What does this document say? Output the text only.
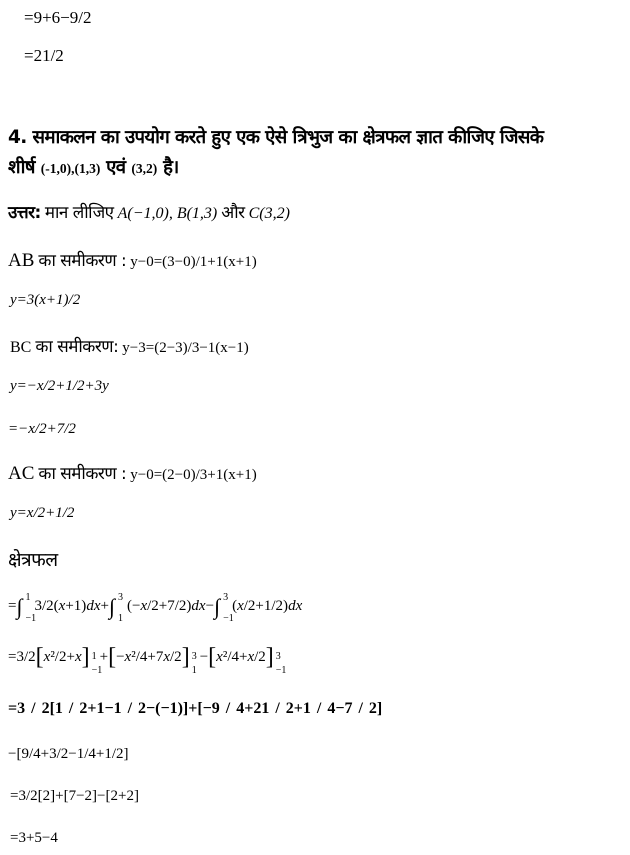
=9+6−9/2
=21/2
4. समाकलन का उपयोग करते हुए एक ऐसे त्रिभुज का क्षेत्रफल ज्ञात कीजिए जिसके
शीर्ष (-1,0),(1,3) एवं (3,2) है।
उत्तर: मान लीजिए A(−1,0), B(1,3) और C(3,2)
AB का समीकरण : y−0=(3−0)/1+1(x+1)
y=3(x+1)/2
BC का समीकरण: y−3=(2−3)/3−1(x−1)
y=−x/2+1/2+3y
=−x/2+7/2
AC का समीकरण : y−0=(2−0)/3+1(x+1)
y=x/2+1/2
क्षेत्रफल
=∫ 1
−1
3/2(x+1)dx+∫ 3
1
(−x/2+7/2)dx−∫ 3
−1
(x/2+1/2)dx
=3/2[x²/2+x] 1
−1
+[−x²/4+7x/2] 3
1
−[x²/4+x/2] 3
−1
=3 / 2[1 / 2+1−1 / 2−(−1)]+[−9 / 4+21 / 2+1 / 4−7 / 2]
−[9/4+3/2−1/4+1/2]
=3/2[2]+[7−2]−[2+2]
=3+5−4
